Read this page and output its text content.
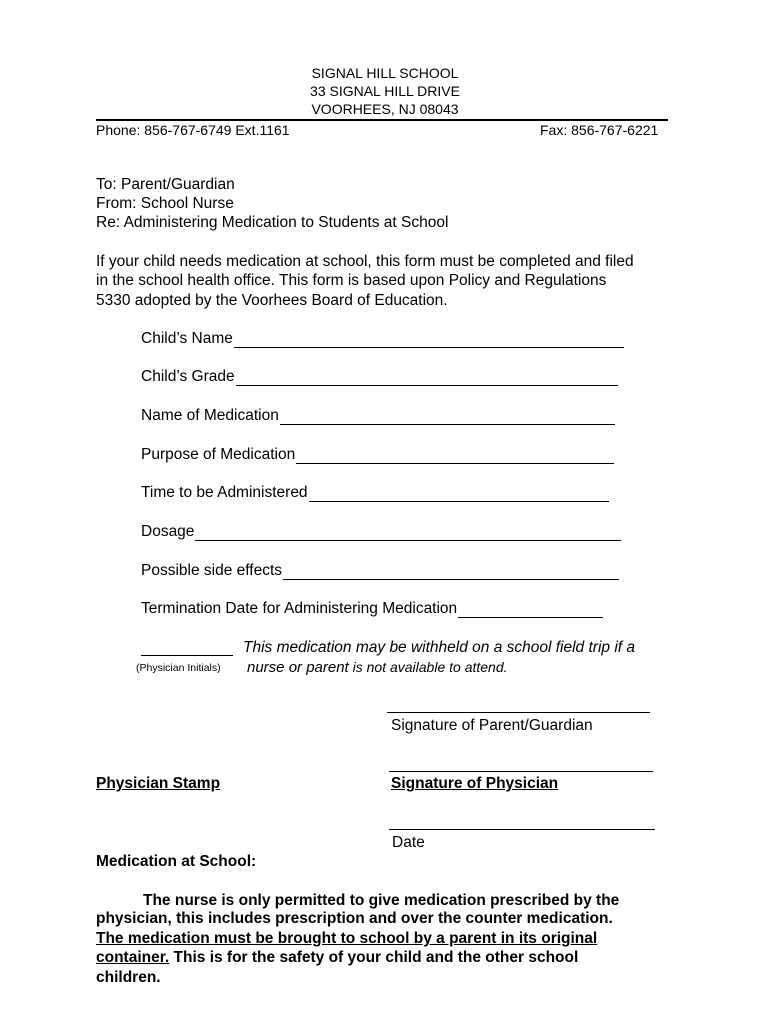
SIGNAL HILL SCHOOL
33 SIGNAL HILL DRIVE
VOORHEES, NJ 08043
Phone: 856-767-6749 Ext.1161	Fax: 856-767-6221
To: Parent/Guardian
From: School Nurse
Re: Administering Medication to Students at School
If your child needs medication at school, this form must be completed and filed
in the school health office. This form is based upon Policy and Regulations
5330 adopted by the Voorhees Board of Education.
Child’s Name
Child’s Grade
Name of Medication
Purpose of Medication
Time to be Administered
Dosage
Possible side effects
Termination Date for Administering Medication
(Physician Initials)
This medication may be withheld on a school field trip if a
nurse or parent is not available to attend.
Signature of Parent/Guardian
Physician Stamp	Signature of Physician
Date
Medication at School:
The nurse is only permitted to give medication prescribed by the
physician, this includes prescription and over the counter medication.
The medication must be brought to school by a parent in its original
container. This is for the safety of your child and the other school
children.
